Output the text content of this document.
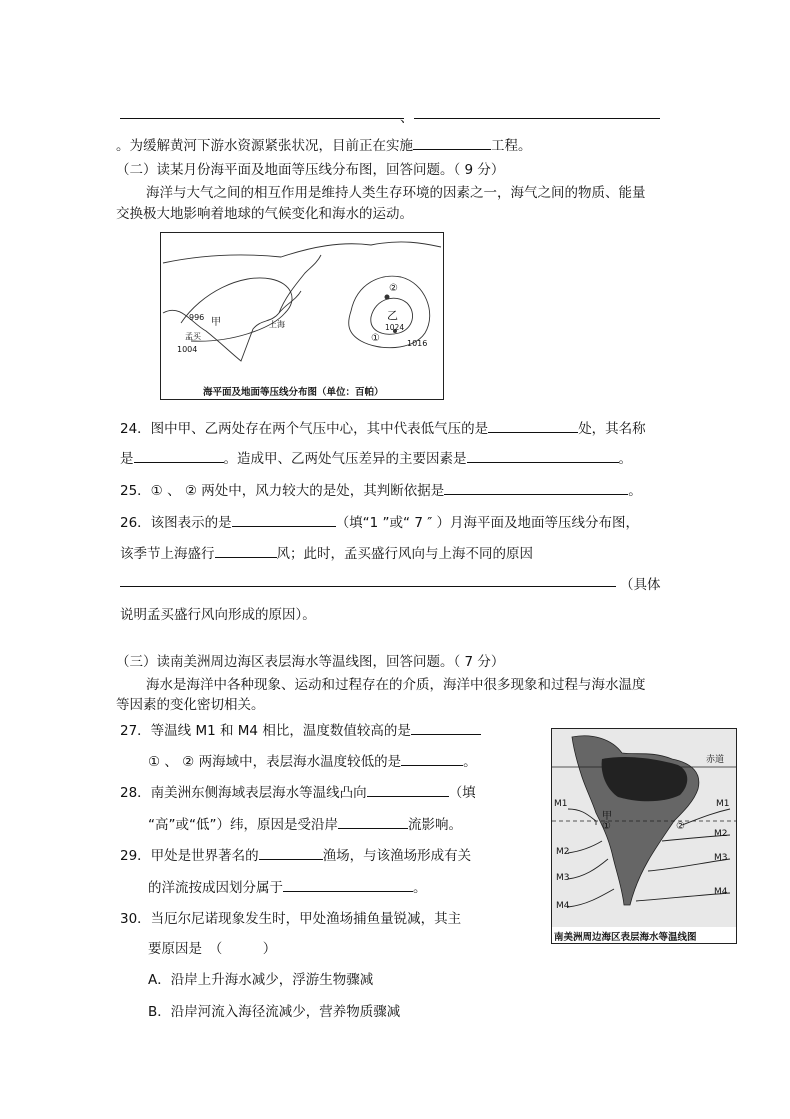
、
。为缓解黄河下游水资源紧张状况，目前正在实施	工程。
（二）读某月份海平面及地面等压线分布图，回答问题。（ 9 分）
海洋与大气之间的相互作用是维持人类生存环境的因素之一，海气之间的物质、能量
交换极大地影响着地球的气候变化和海水的运动。
996 甲
孟买
1004
上海
乙
1024
1016
①
②
海平面及地面等压线分布图（单位：百帕）
24．图中甲、乙两处存在两个气压中心，其中代表低气压的是	处，其名称
是	。造成甲、乙两处气压差异的主要因素是	。
25．① 、 ② 两处中，风力较大的是处，其判断依据是	。
26．该图表示的是	（填“1 ”或“ 7 ″ ）月海平面及地面等压线分布图，
该季节上海盛行	风；此时，孟买盛行风向与上海不同的原因
（具体
说明孟买盛行风向形成的原因）。
（三）读南美洲周边海区表层海水等温线图，回答问题。（ 7 分）
海水是海洋中各种现象、运动和过程存在的介质，海洋中很多现象和过程与海水温度
等因素的变化密切相关。
27．等温线 M1 和 M4 相比，温度数值较高的是
① 、 ② 两海域中，表层海水温度较低的是	。
28．南美洲东侧海域表层海水等温线凸向	（填
“高”或“低”）纬，原因是受沿岸	流影响。
29．甲处是世界著名的	渔场，与该渔场形成有关
的洋流按成因划分属于	。
30．当厄尔尼诺现象发生时，甲处渔场捕鱼量锐减，其主
要原因是　（　　　）
A．沿岸上升海水减少，浮游生物骤减
B．沿岸河流入海径流减少，营养物质骤减
赤道
M1	M1
甲
①	②
M2
M2
M3
M3
M4
M4
南美洲周边海区表层海水等温线图
